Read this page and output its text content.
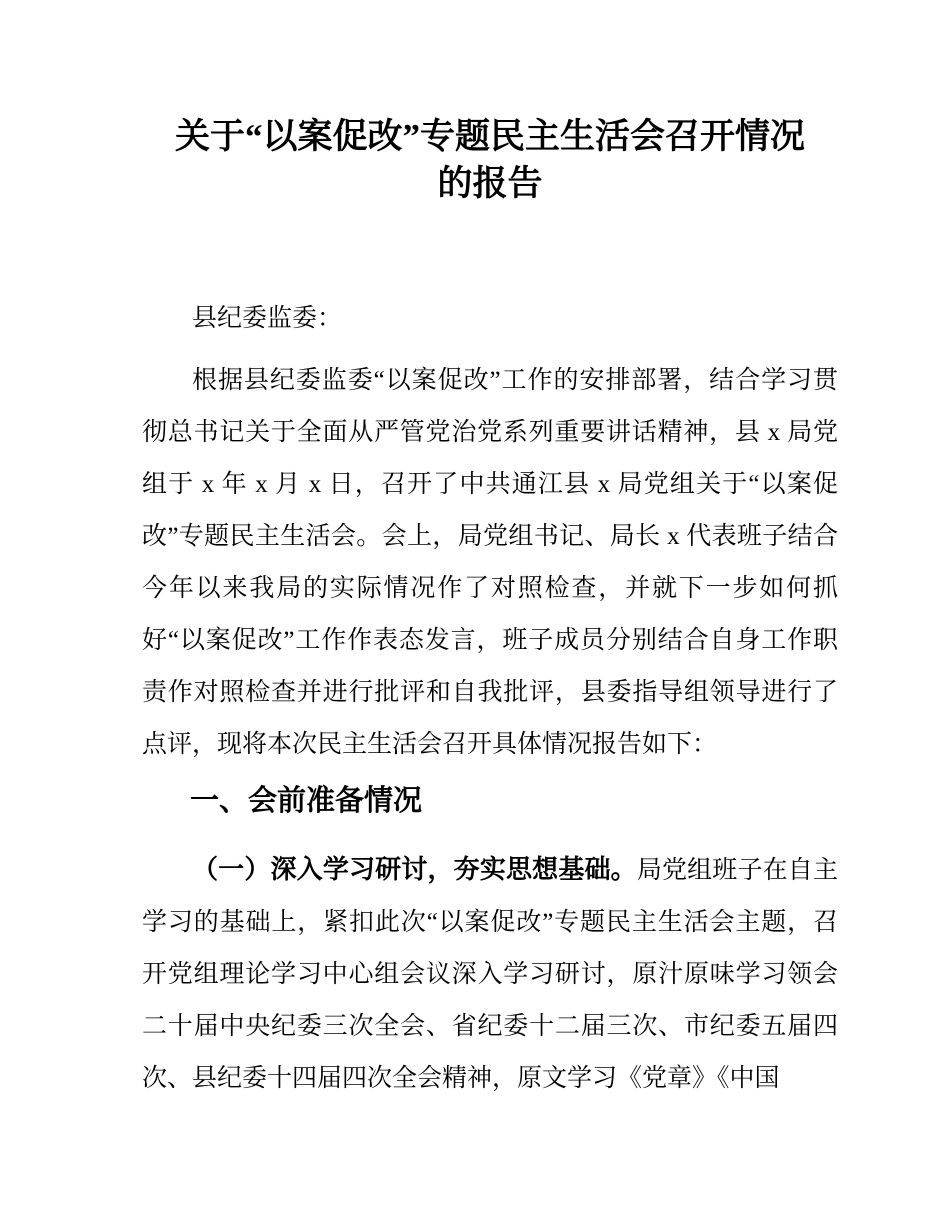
关于“以案促改”专题民主生活会召开情况
的报告

县纪委监委：

根据县纪委监委“以案促改”工作的安排部署，结合学习贯彻总书记关于全面从严管党治党系列重要讲话精神，县 x 局党组于 x 年 x 月 x 日，召开了中共通江县 x 局党组关于“以案促改”专题民主生活会。会上，局党组书记、局长 x 代表班子结合今年以来我局的实际情况作了对照检查，并就下一步如何抓好“以案促改”工作作表态发言，班子成员分别结合自身工作职责作对照检查并进行批评和自我批评，县委指导组领导进行了点评，现将本次民主生活会召开具体情况报告如下：

一、会前准备情况

（一）深入学习研讨，夯实思想基础。局党组班子在自主学习的基础上，紧扣此次“以案促改”专题民主生活会主题，召开党组理论学习中心组会议深入学习研讨，原汁原味学习领会二十届中央纪委三次全会、省纪委十二届三次、市纪委五届四次、县纪委十四届四次全会精神，原文学习《党章》《中国
